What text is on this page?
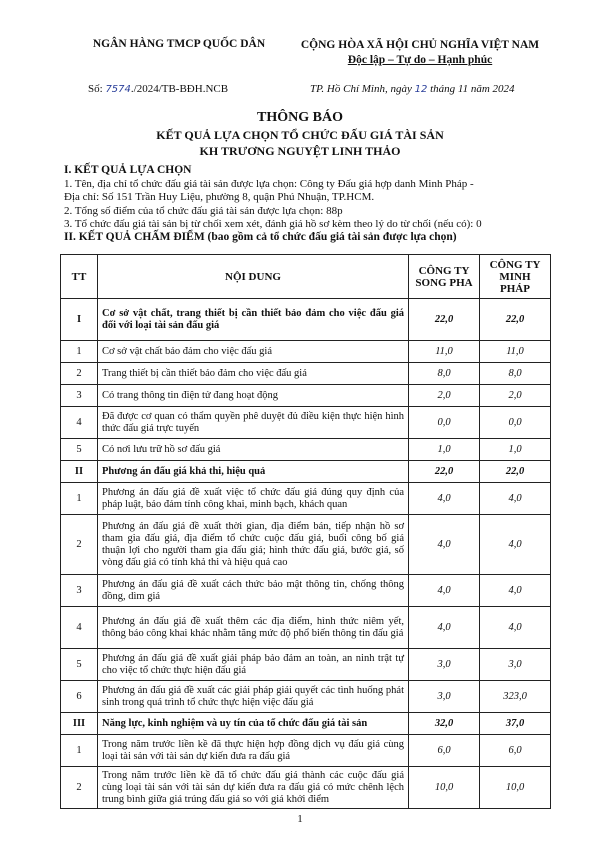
NGÂN HÀNG TMCP QUỐC DÂN	CỘNG HÒA XÃ HỘI CHỦ NGHĨA VIỆT NAM
Độc lập – Tự do – Hạnh phúc
Số: 7574./2024/TB-BĐH.NCB	TP. Hồ Chí Minh, ngày 12 tháng 11 năm 2024
THÔNG BÁO
KẾT QUẢ LỰA CHỌN TỔ CHỨC ĐẤU GIÁ TÀI SẢN
KH TRƯƠNG NGUYỆT LINH THẢO
I. KẾT QUẢ LỰA CHỌN
1. Tên, địa chỉ tổ chức đấu giá tài sản được lựa chọn: Công ty Đấu giá hợp danh Minh Pháp -
Địa chỉ: Số 151 Trần Huy Liệu, phường 8, quận Phú Nhuận, TP.HCM.
2. Tổng số điểm của tổ chức đấu giá tài sản được lựa chọn: 88p
3. Tổ chức đấu giá tài sản bị từ chối xem xét, đánh giá hồ sơ kèm theo lý do từ chối (nếu có): 0
II. KẾT QUẢ CHẤM ĐIỂM (bao gồm cả tổ chức đấu giá tài sản được lựa chọn)
TT	NỘI DUNG	CÔNG TY SONG PHA	CÔNG TY MINH PHÁP
I	Cơ sở vật chất, trang thiết bị cần thiết bảo đảm cho việc đấu giá đối với loại tài sản đấu giá	22,0	22,0
1	Cơ sở vật chất bảo đảm cho việc đấu giá	11,0	11,0
2	Trang thiết bị cần thiết bảo đảm cho việc đấu giá	8,0	8,0
3	Có trang thông tin điện tử đang hoạt động	2,0	2,0
4	Đã được cơ quan có thẩm quyền phê duyệt đủ điều kiện thực hiện hình thức đấu giá trực tuyến	0,0	0,0
5	Có nơi lưu trữ hồ sơ đấu giá	1,0	1,0
II	Phương án đấu giá khả thi, hiệu quả	22,0	22,0
1	Phương án đấu giá đề xuất việc tổ chức đấu giá đúng quy định của pháp luật, bảo đảm tính công khai, minh bạch, khách quan	4,0	4,0
2	Phương án đấu giá đề xuất thời gian, địa điểm bán, tiếp nhận hồ sơ tham gia đấu giá, địa điểm tổ chức cuộc đấu giá, buổi công bố giá thuận lợi cho người tham gia đấu giá; hình thức đấu giá, bước giá, số vòng đấu giá có tính khả thi và hiệu quả cao	4,0	4,0
3	Phương án đấu giá đề xuất cách thức bảo mật thông tin, chống thông đồng, dìm giá	4,0	4,0
4	Phương án đấu giá đề xuất thêm các địa điểm, hình thức niêm yết, thông báo công khai khác nhằm tăng mức độ phổ biến thông tin đấu giá	4,0	4,0
5	Phương án đấu giá đề xuất giải pháp bảo đảm an toàn, an ninh trật tự cho việc tổ chức thực hiện đấu giá	3,0	3,0
6	Phương án đấu giá đề xuất các giải pháp giải quyết các tình huống phát sinh trong quá trình tổ chức thực hiện việc đấu giá	3,0	323,0
III	Năng lực, kinh nghiệm và uy tín của tổ chức đấu giá tài sản	32,0	37,0
1	Trong năm trước liền kề đã thực hiện hợp đồng dịch vụ đấu giá cùng loại tài sản với tài sản dự kiến đưa ra đấu giá	6,0	6,0
2	Trong năm trước liền kề đã tổ chức đấu giá thành các cuộc đấu giá cùng loại tài sản với tài sản dự kiến đưa ra đấu giá có mức chênh lệch trung bình giữa giá trúng đấu giá so với giá khởi điểm	10,0	10,0
1
